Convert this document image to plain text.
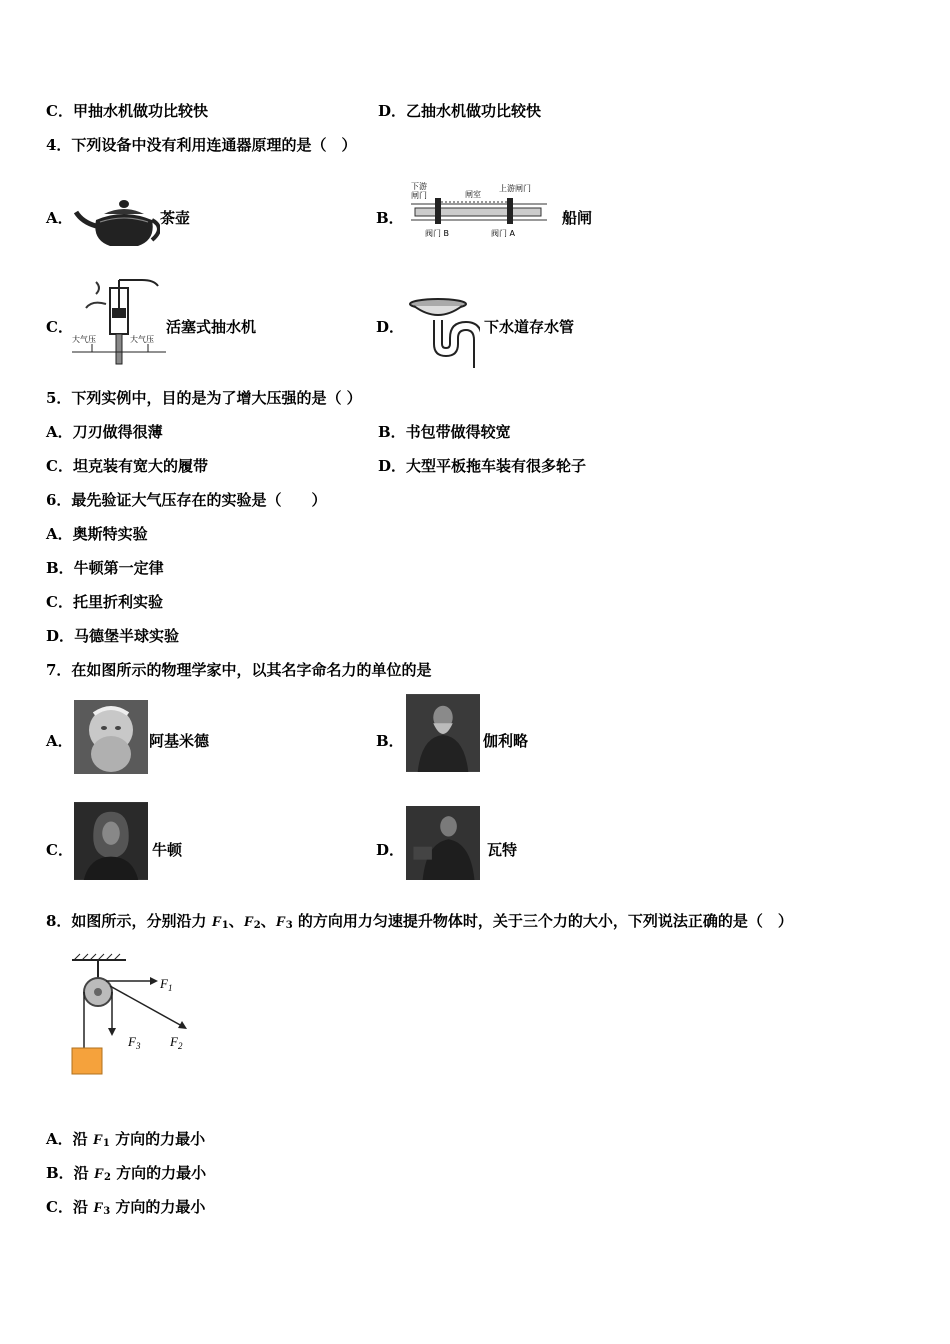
C．甲抽水机做功比较快	D．乙抽水机做功比较快
4．下列设备中没有利用连通器原理的是（　）
A．	茶壶	B．
下游
闸门	闸室
上游闸门
阀门 B	阀门 A
船闸
C．
大气压	大气压
活塞式抽水机	D．	下水道存水管
5．下列实例中，目的是为了增大压强的是（ ）
A．刀刃做得很薄	B．书包带做得较宽
C．坦克装有宽大的履带	D．大型平板拖车装有很多轮子
6．最先验证大气压存在的实验是（　　）
A．奥斯特实验
B．牛顿第一定律
C．托里折利实验
D．马德堡半球实验
7．在如图所示的物理学家中，以其名字命名力的单位的是
A．	阿基米德	B．	伽利略
C．	牛顿	D．	瓦特
8．如图所示，分别沿力 $F_1$、$F_2$、$F_3$ 的方向用力匀速提升物体时，关于三个力的大小，下列说法正确的是（　）
$F_1$
$F_2$
$F_3$
A．沿 $F_1$ 方向的力最小
B．沿 $F_2$ 方向的力最小
C．沿 $F_3$ 方向的力最小
